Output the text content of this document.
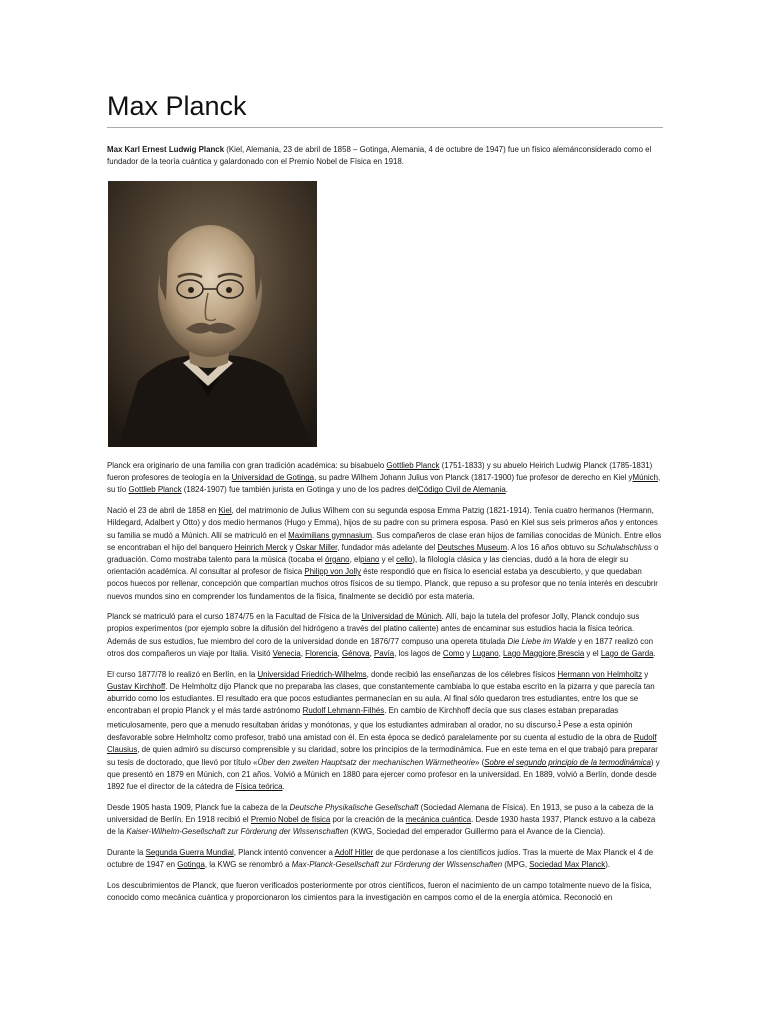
Max Planck

Max Karl Ernest Ludwig Planck (Kiel, Alemania, 23 de abril de 1858 – Gotinga, Alemania, 4 de octubre de 1947) fue un físico alemánconsiderado como el fundador de la teoría cuántica y galardonado con el Premio Nobel de Física en 1918.

Planck era originario de una familia con gran tradición académica: su bisabuelo Gottlieb Planck (1751-1833) y su abuelo Heirich Ludwig Planck (1785-1831) fueron profesores de teología en la Universidad de Gotinga, su padre Wilhem Johann Julius von Planck (1817-1900) fue profesor de derecho en Kiel yMúnich, su tío Gottlieb Planck (1824-1907) fue también jurista en Gotinga y uno de los padres delCódigo Civil de Alemania.

Nació el 23 de abril de 1858 en Kiel, del matrimonio de Julius Wilhem con su segunda esposa Emma Patzig (1821-1914). Tenía cuatro hermanos (Hermann, Hildegard, Adalbert y Otto) y dos medio hermanos (Hugo y Emma), hijos de su padre con su primera esposa. Pasó en Kiel sus seis primeros años y entonces su familia se mudó a Múnich. Allí se matriculó en el Maximilians gymnasium. Sus compañeros de clase eran hijos de familias conocidas de Múnich. Entre ellos se encontraban el hijo del banquero Heinrich Merck y Oskar Miller, fundador más adelante del Deutsches Museum. A los 16 años obtuvo su Schulabschluss o graduación. Como mostraba talento para la música (tocaba el órgano, elpiano y el cello), la filología clásica y las ciencias, dudó a la hora de elegir su orientación académica. Al consultar al profesor de física Philipp von Jolly éste respondió que en física lo esencial estaba ya descubierto, y que quedaban pocos huecos por rellenar, concepción que compartían muchos otros físicos de su tiempo. Planck, que repuso a su profesor que no tenía interés en descubrir nuevos mundos sino en comprender los fundamentos de la física, finalmente se decidió por esta materia.

Planck se matriculó para el curso 1874/75 en la Facultad de Física de la Universidad de Múnich. Allí, bajo la tutela del profesor Jolly, Planck condujo sus propios experimentos (por ejemplo sobre la difusión del hidrógeno a través del platino caliente) antes de encaminar sus estudios hacia la física teórica. Además de sus estudios, fue miembro del coro de la universidad donde en 1876/77 compuso una opereta titulada Die Liebe im Walde y en 1877 realizó con otros dos compañeros un viaje por Italia. Visitó Venecia, Florencia, Génova, Pavía, los lagos de Como y Lugano, Lago Maggiore,Brescia y el Lago de Garda.

El curso 1877/78 lo realizó en Berlín, en la Universidad Friedrich-Wilhelms, donde recibió las enseñanzas de los célebres físicos Hermann von Helmholtz y Gustav Kirchhoff. De Helmholtz dijo Planck que no preparaba las clases, que constantemente cambiaba lo que estaba escrito en la pizarra y que parecía tan aburrido como los estudiantes. El resultado era que pocos estudiantes permanecían en su aula. Al final sólo quedaron tres estudiantes, entre los que se encontraban el propio Planck y el más tarde astrónomo Rudolf Lehmann-Filhés. En cambio de Kirchhoff decía que sus clases estaban preparadas meticulosamente, pero que a menudo resultaban áridas y monótonas, y que los estudiantes admiraban al orador, no su discurso.$^1$ Pese a esta opinión desfavorable sobre Helmholtz como profesor, trabó una amistad con él. En esta época se dedicó paralelamente por su cuenta al estudio de la obra de Rudolf Clausius, de quien admiró su discurso comprensible y su claridad, sobre los principios de la termodinámica. Fue en este tema en el que trabajó para preparar su tesis de doctorado, que llevó por título «Über den zweiten Hauptsatz der mechanischen Wärmetheorie» (Sobre el segundo principio de la termodinámica) y que presentó en 1879 en Múnich, con 21 años. Volvió a Múnich en 1880 para ejercer como profesor en la universidad. En 1889, volvió a Berlín, donde desde 1892 fue el director de la cátedra de Física teórica.

Desde 1905 hasta 1909, Planck fue la cabeza de la Deutsche Physikalische Gesellschaft (Sociedad Alemana de Física). En 1913, se puso a la cabeza de la universidad de Berlín. En 1918 recibió el Premio Nobel de física por la creación de la mecánica cuántica. Desde 1930 hasta 1937, Planck estuvo a la cabeza de la Kaiser-Wilhelm-Gesellschaft zur Förderung der Wissenschaften (KWG, Sociedad del emperador Guillermo para el Avance de la Ciencia).

Durante la Segunda Guerra Mundial, Planck intentó convencer a Adolf Hitler de que perdonase a los científicos judíos. Tras la muerte de Max Planck el 4 de octubre de 1947 en Gotinga, la KWG se renombró a Max-Planck-Gesellschaft zur Förderung der Wissenschaften (MPG, Sociedad Max Planck).

Los descubrimientos de Planck, que fueron verificados posteriormente por otros científicos, fueron el nacimiento de un campo totalmente nuevo de la física, conocido como mecánica cuántica y proporcionaron los cimientos para la investigación en campos como el de la energía atómica. Reconoció en
